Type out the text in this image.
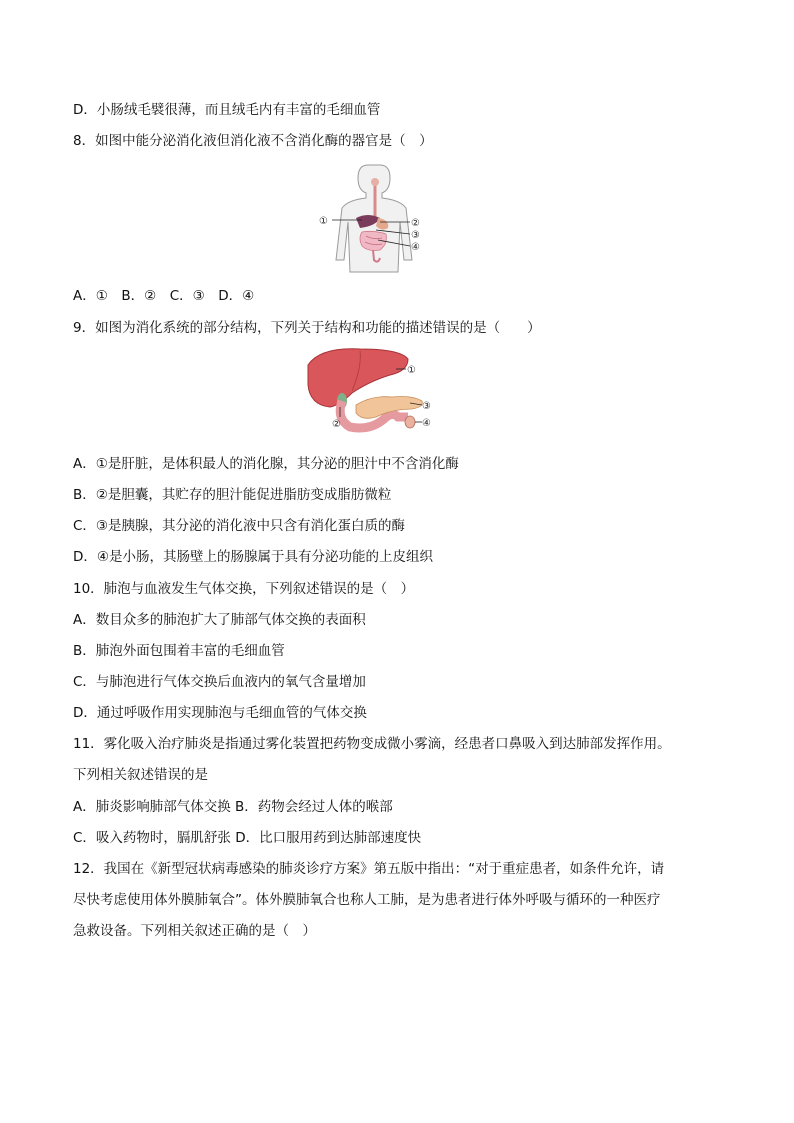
D．小肠绒毛襞很薄，而且绒毛内有丰富的毛细血管
8．如图中能分泌消化液但消化液不含消化酶的器官是（　）
①	②
③
④
A．①　B．②　C．③　D．④
9．如图为消化系统的部分结构，下列关于结构和功能的描述错误的是（　　）
①
②
③
④
A．①是肝脏，是体积最人的消化腺，其分泌的胆汁中不含消化酶
B．②是胆囊，其贮存的胆汁能促进脂肪变成脂肪微粒
C．③是胰腺，其分泌的消化液中只含有消化蛋白质的酶
D．④是小肠，其肠壁上的肠腺属于具有分泌功能的上皮组织
10．肺泡与血液发生气体交换，下列叙述错误的是（　）
A．数目众多的肺泡扩大了肺部气体交换的表面积
B．肺泡外面包围着丰富的毛细血管
C．与肺泡进行气体交换后血液内的氧气含量增加
D．通过呼吸作用实现肺泡与毛细血管的气体交换
11．雾化吸入治疗肺炎是指通过雾化装置把药物变成微小雾滴，经患者口鼻吸入到达肺部发挥作用。
下列相关叙述错误的是
A．肺炎影响肺部气体交换 B．药物会经过人体的喉部
C．吸入药物时，膈肌舒张 D．比口服用药到达肺部速度快
12．我国在《新型冠状病毒感染的肺炎诊疗方案》第五版中指出：“对于重症患者，如条件允许，请
尽快考虑使用体外膜肺氧合”。体外膜肺氧合也称人工肺，是为患者进行体外呼吸与循环的一种医疗
急救设备。下列相关叙述正确的是（　）
